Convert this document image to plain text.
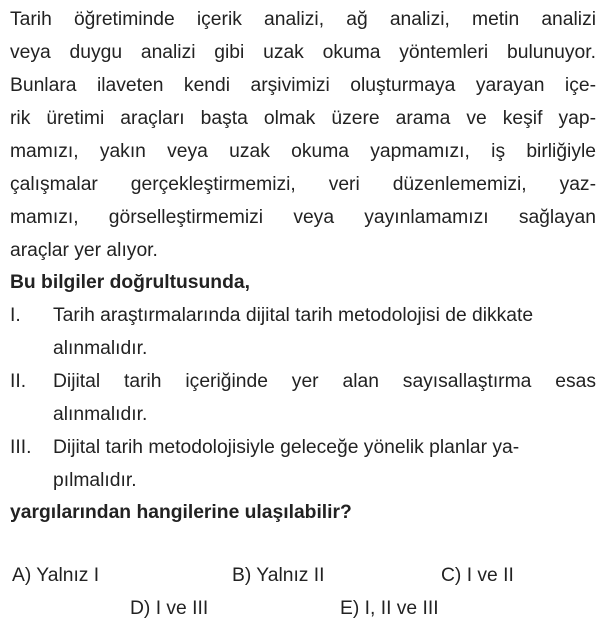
Tarih öğretiminde içerik analizi, ağ analizi, metin analizi
veya duygu analizi gibi uzak okuma yöntemleri bulunuyor.
Bunlara ilaveten kendi arşivimizi oluşturmaya yarayan içe-
rik üretimi araçları başta olmak üzere arama ve keşif yap-
mamızı, yakın veya uzak okuma yapmamızı, iş birliğiyle
çalışmalar gerçekleştirmemizi, veri düzenlememizi, yaz-
mamızı, görselleştirmemizi veya yayınlamamızı sağlayan
araçlar yer alıyor.
Bu bilgiler doğrultusunda,
I. Tarih araştırmalarında dijital tarih metodolojisi de dikkate
alınmalıdır.
II. Dijital tarih içeriğinde yer alan sayısallaştırma esas
alınmalıdır.
III. Dijital tarih metodolojisiyle geleceğe yönelik planlar ya-
pılmalıdır.
yargılarından hangilerine ulaşılabilir?
A) Yalnız I	B) Yalnız II	C) I ve II
D) I ve III	E) I, II ve III
